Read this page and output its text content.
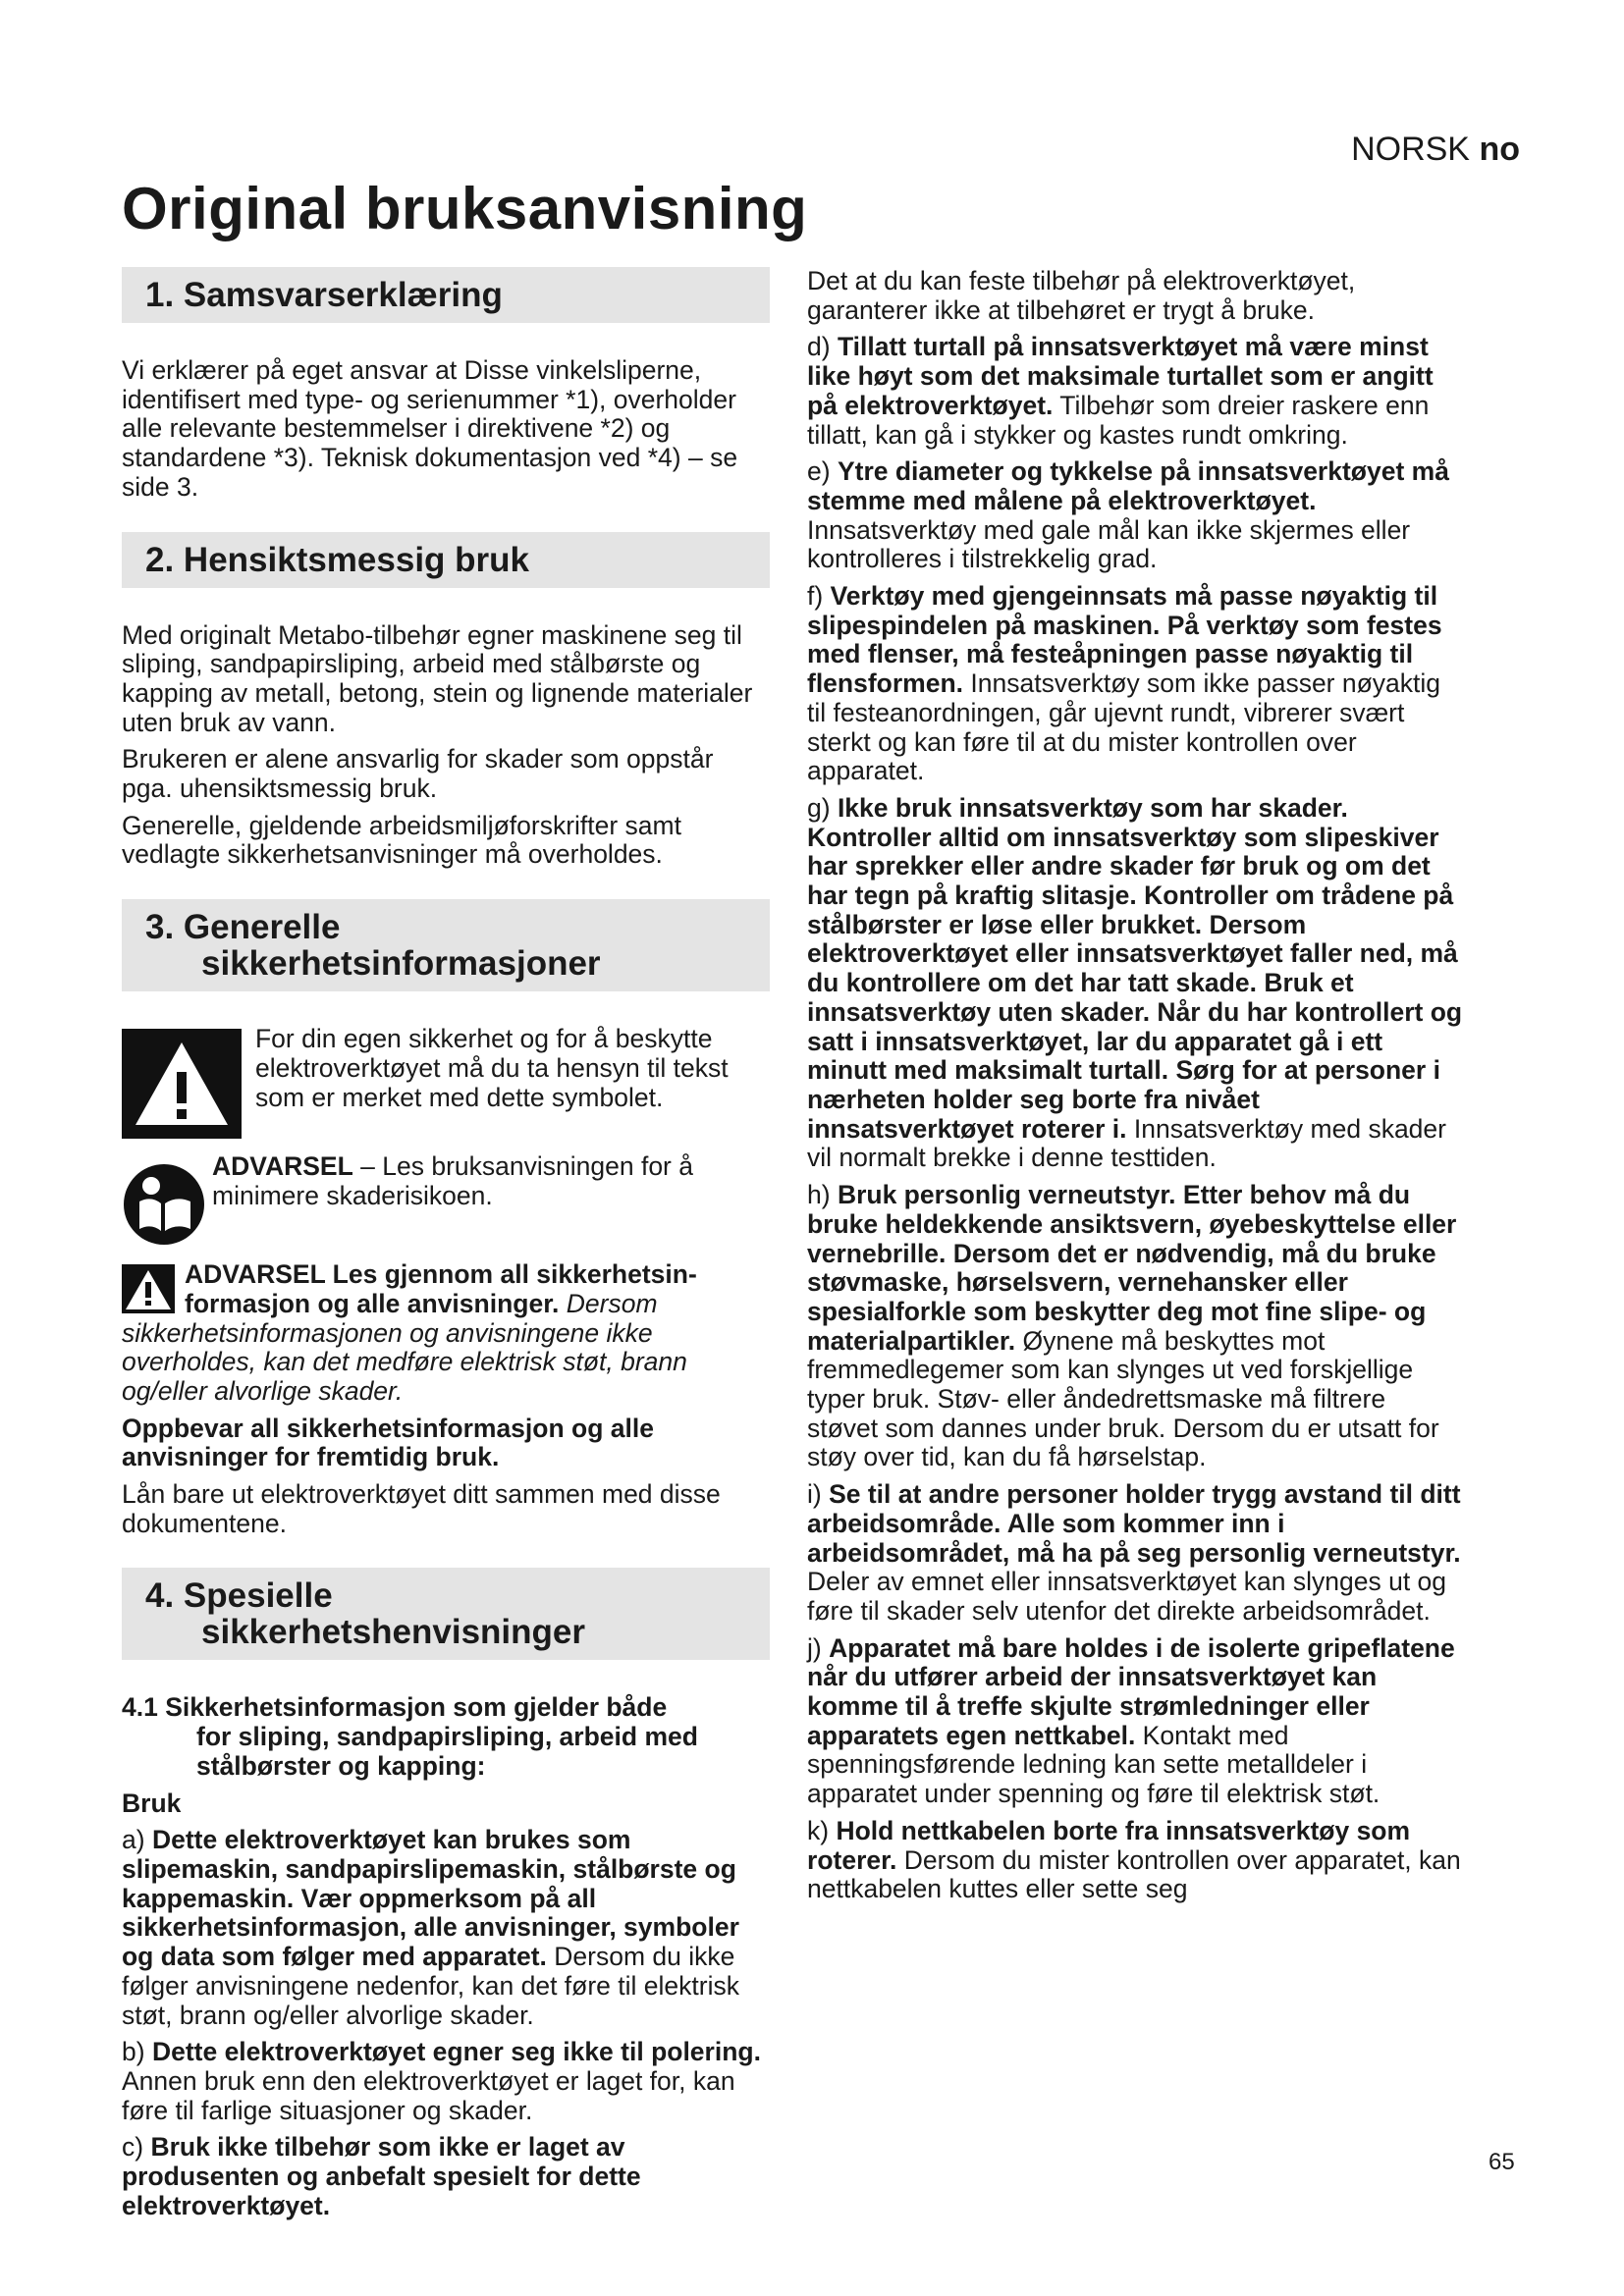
NORSK no
Original bruksanvisning
1. Samsvarserklæring

Vi erklærer på eget ansvar at Disse vinkelsliperne, identifisert med type- og serienummer *1), overholder alle relevante bestemmelser i direktivene *2) og standardene *3). Teknisk dokumentasjon ved *4) – se side 3.

2. Hensiktsmessig bruk

Med originalt Metabo-tilbehør egner maskinene seg til sliping, sandpapirsliping, arbeid med stålbørste og kapping av metall, betong, stein og lignende materialer uten bruk av vann.

Brukeren er alene ansvarlig for skader som oppstår pga. uhensiktsmessig bruk.

Generelle, gjeldende arbeidsmiljøforskrifter samt vedlagte sikkerhetsanvisninger må overholdes.

3. Generelle
sikkerhetsinformasjoner

For din egen sikkerhet og for å beskytte elektroverktøyet må du ta hensyn til tekst som er merket med dette symbolet.

ADVARSEL – Les bruksanvisningen for å minimere skaderisikoen.

ADVARSEL Les gjennom all sikkerhetsin-formasjon og alle anvisninger. Dersom sikkerhetsinformasjonen og anvisningene ikke overholdes, kan det medføre elektrisk støt, brann og/eller alvorlige skader.

Oppbevar all sikkerhetsinformasjon og alle anvisninger for fremtidig bruk.

Lån bare ut elektroverktøyet ditt sammen med disse dokumentene.

4. Spesielle
sikkerhetshenvisninger

4.1 Sikkerhetsinformasjon som gjelder både
for sliping, sandpapirsliping, arbeid med
stålbørster og kapping:

Bruk

a) Dette elektroverktøyet kan brukes som slipemaskin, sandpapirslipemaskin, stålbørste og kappemaskin. Vær oppmerksom på all sikkerhetsinformasjon, alle anvisninger, symboler og data som følger med apparatet. Dersom du ikke følger anvisningene nedenfor, kan det føre til elektrisk støt, brann og/eller alvorlige skader.

b) Dette elektroverktøyet egner seg ikke til polering. Annen bruk enn den elektroverktøyet er laget for, kan føre til farlige situasjoner og skader.

c) Bruk ikke tilbehør som ikke er laget av produsenten og anbefalt spesielt for dette elektroverktøyet.

Det at du kan feste tilbehør på elektroverktøyet, garanterer ikke at tilbehøret er trygt å bruke.

d) Tillatt turtall på innsatsverktøyet må være minst like høyt som det maksimale turtallet som er angitt på elektroverktøyet. Tilbehør som dreier raskere enn tillatt, kan gå i stykker og kastes rundt omkring.

e) Ytre diameter og tykkelse på innsatsverktøyet må stemme med målene på elektroverktøyet. Innsatsverktøy med gale mål kan ikke skjermes eller kontrolleres i tilstrekkelig grad.

f) Verktøy med gjengeinnsats må passe nøyaktig til slipespindelen på maskinen. På verktøy som festes med flenser, må festeåpningen passe nøyaktig til flensformen. Innsatsverktøy som ikke passer nøyaktig til festeanordningen, går ujevnt rundt, vibrerer svært sterkt og kan føre til at du mister kontrollen over apparatet.

g) Ikke bruk innsatsverktøy som har skader. Kontroller alltid om innsatsverktøy som slipeskiver har sprekker eller andre skader før bruk og om det har tegn på kraftig slitasje. Kontroller om trådene på stålbørster er løse eller brukket. Dersom elektroverktøyet eller innsatsverktøyet faller ned, må du kontrollere om det har tatt skade. Bruk et innsatsverktøy uten skader. Når du har kontrollert og satt i innsatsverktøyet, lar du apparatet gå i ett minutt med maksimalt turtall. Sørg for at personer i nærheten holder seg borte fra nivået innsatsverktøyet roterer i. Innsatsverktøy med skader vil normalt brekke i denne testtiden.

h) Bruk personlig verneutstyr. Etter behov må du bruke heldekkende ansiktsvern, øyebeskyttelse eller vernebrille. Dersom det er nødvendig, må du bruke støvmaske, hørselsvern, vernehansker eller spesialforkle som beskytter deg mot fine slipe- og materialpartikler. Øynene må beskyttes mot fremmedlegemer som kan slynges ut ved forskjellige typer bruk. Støv- eller åndedrettsmaske må filtrere støvet som dannes under bruk. Dersom du er utsatt for støy over tid, kan du få hørselstap.

i) Se til at andre personer holder trygg avstand til ditt arbeidsområde. Alle som kommer inn i arbeidsområdet, må ha på seg personlig verneutstyr. Deler av emnet eller innsatsverktøyet kan slynges ut og føre til skader selv utenfor det direkte arbeidsområdet.

j) Apparatet må bare holdes i de isolerte gripeflatene når du utfører arbeid der innsatsverktøyet kan komme til å treffe skjulte strømledninger eller apparatets egen nettkabel. Kontakt med spenningsførende ledning kan sette metalldeler i apparatet under spenning og føre til elektrisk støt.

k) Hold nettkabelen borte fra innsatsverktøy som roterer. Dersom du mister kontrollen over apparatet, kan nettkabelen kuttes eller sette seg

65
